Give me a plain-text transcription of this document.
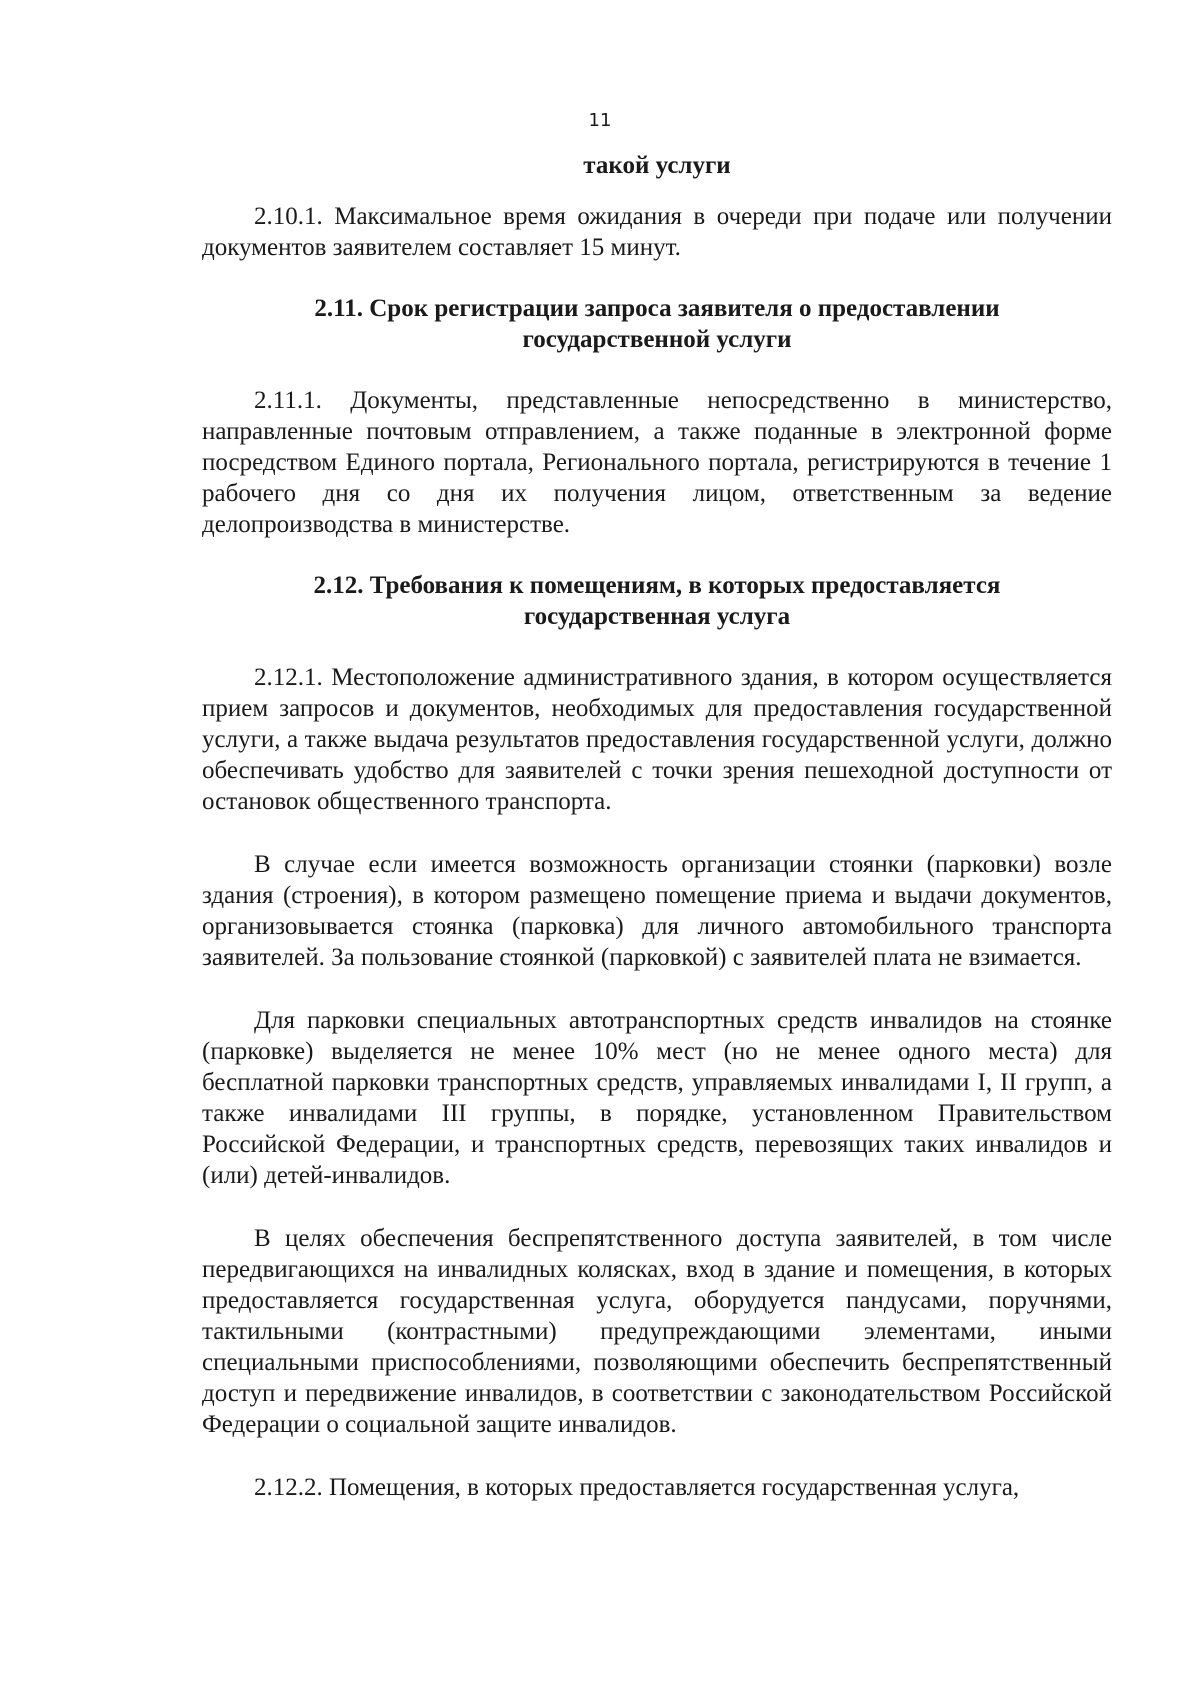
11
такой услуги

2.10.1. Максимальное время ожидания в очереди при подаче или получении документов заявителем составляет 15 минут.

2.11. Срок регистрации запроса заявителя о предоставлении государственной услуги

2.11.1. Документы, представленные непосредственно в министерство, направленные почтовым отправлением, а также поданные в электронной форме посредством Единого портала, Регионального портала, регистрируются в течение 1 рабочего дня со дня их получения лицом, ответственным за ведение делопроизводства в министерстве.

2.12. Требования к помещениям, в которых предоставляется государственная услуга

2.12.1. Местоположение административного здания, в котором осуществляется прием запросов и документов, необходимых для предоставления государственной услуги, а также выдача результатов предоставления государственной услуги, должно обеспечивать удобство для заявителей с точки зрения пешеходной доступности от остановок общественного транспорта.

В случае если имеется возможность организации стоянки (парковки) возле здания (строения), в котором размещено помещение приема и выдачи документов, организовывается стоянка (парковка) для личного автомобильного транспорта заявителей. За пользование стоянкой (парковкой) с заявителей плата не взимается.

Для парковки специальных автотранспортных средств инвалидов на стоянке (парковке) выделяется не менее 10% мест (но не менее одного места) для бесплатной парковки транспортных средств, управляемых инвалидами I, II групп, а также инвалидами III группы, в порядке, установленном Правительством Российской Федерации, и транспортных средств, перевозящих таких инвалидов и (или) детей-инвалидов.

В целях обеспечения беспрепятственного доступа заявителей, в том числе передвигающихся на инвалидных колясках, вход в здание и помещения, в которых предоставляется государственная услуга, оборудуется пандусами, поручнями, тактильными (контрастными) предупреждающими элементами, иными специальными приспособлениями, позволяющими обеспечить беспрепятственный доступ и передвижение инвалидов, в соответствии с законодательством Российской Федерации о социальной защите инвалидов.

2.12.2. Помещения, в которых предоставляется государственная услуга,
